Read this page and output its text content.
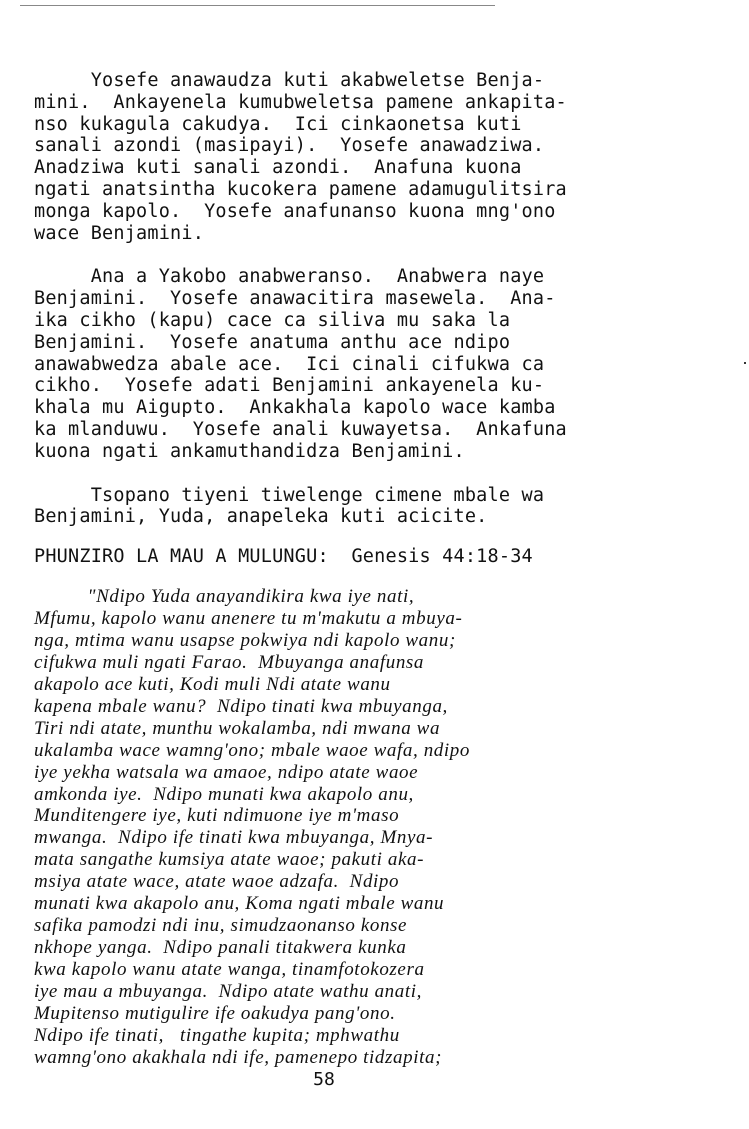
Yosefe anawaudza kuti akabweletse Benja-
mini.  Ankayenela kumubweletsa pamene ankapita-
nso kukagula cakudya.  Ici cinkaonetsa kuti
sanali azondi (masipayi).  Yosefe anawadziwa.
Anadziwa kuti sanali azondi.  Anafuna kuona
ngati anatsintha kucokera pamene adamugulitsira
monga kapolo.  Yosefe anafunanso kuona mng'ono
wace Benjamini.

Ana a Yakobo anabweranso.  Anabwera naye
Benjamini.  Yosefe anawacitira masewela.  Ana-
ika cikho (kapu) cace ca siliva mu saka la
Benjamini.  Yosefe anatuma anthu ace ndipo
anawabwedza abale ace.  Ici cinali cifukwa ca
cikho.  Yosefe adati Benjamini ankayenela ku-
khala mu Aigupto.  Ankakhala kapolo wace kamba
ka mlanduwu.  Yosefe anali kuwayetsa.  Ankafuna
kuona ngati ankamuthandidza Benjamini.

Tsopano tiyeni tiwelenge cimene mbale wa
Benjamini, Yuda, anapeleka kuti acicite.

PHUNZIRO LA MAU A MULUNGU:  Genesis 44:18-34

"Ndipo Yuda anayandikira kwa iye nati,
Mfumu, kapolo wanu anenere tu m'makutu a mbuya-
nga, mtima wanu usapse pokwiya ndi kapolo wanu;
cifukwa muli ngati Farao.  Mbuyanga anafunsa
akapolo ace kuti, Kodi muli Ndi atate wanu
kapena mbale wanu?  Ndipo tinati kwa mbuyanga,
Tiri ndi atate, munthu wokalamba, ndi mwana wa
ukalamba wace wamng'ono; mbale waoe wafa, ndipo
iye yekha watsala wa amaoe, ndipo atate waoe
amkonda iye.  Ndipo munati kwa akapolo anu,
Munditengere iye, kuti ndimuone iye m'maso
mwanga.  Ndipo ife tinati kwa mbuyanga, Mnya-
mata sangathe kumsiya atate waoe; pakuti aka-
msiya atate wace, atate waoe adzafa.  Ndipo
munati kwa akapolo anu, Koma ngati mbale wanu
safika pamodzi ndi inu, simudzaonanso konse
nkhope yanga.  Ndipo panali titakwera kunka
kwa kapolo wanu atate wanga, tinamfotokozera
iye mau a mbuyanga.  Ndipo atate wathu anati,
Mupitenso mutigulire ife oakudya pang'ono.
Ndipo ife tinati,   tingathe kupita; mphwathu
wamng'ono akakhala ndi ife, pamenepo tidzapita;

58
